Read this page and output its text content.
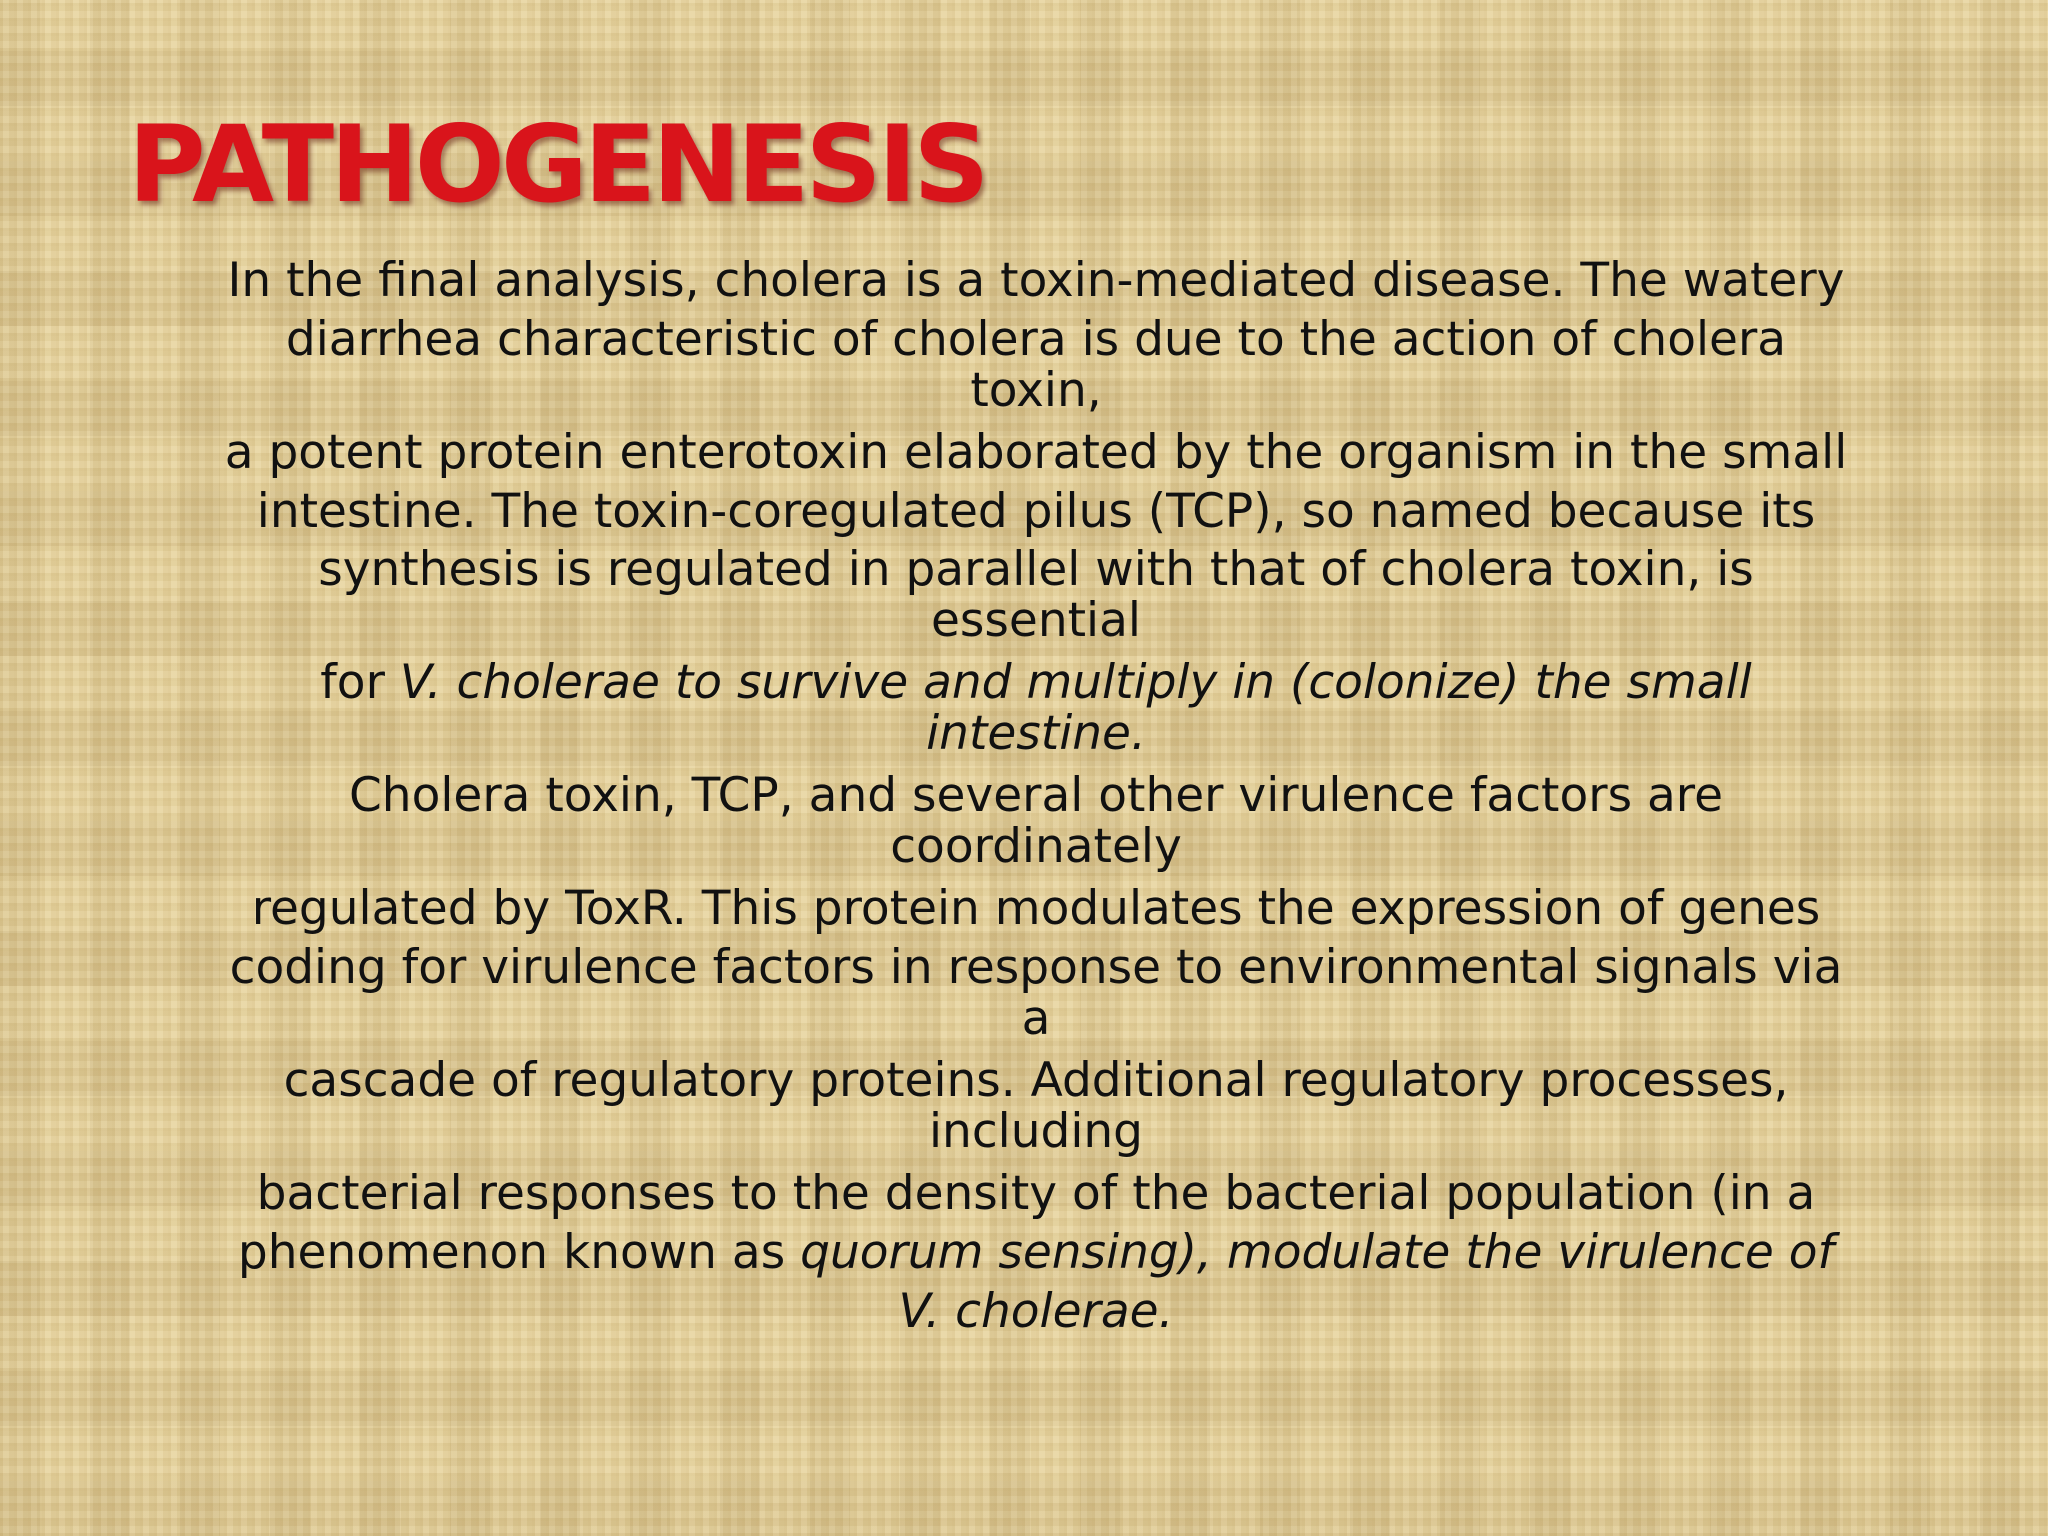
PATHOGENESIS
In the final analysis, cholera is a toxin-mediated disease. The watery
diarrhea characteristic of cholera is due to the action of cholera
toxin,
a potent protein enterotoxin elaborated by the organism in the small
intestine. The toxin-coregulated pilus (TCP), so named because its
synthesis is regulated in parallel with that of cholera toxin, is
essential
for V. cholerae to survive and multiply in (colonize) the small
intestine.
Cholera toxin, TCP, and several other virulence factors are
coordinately
regulated by ToxR. This protein modulates the expression of genes
coding for virulence factors in response to environmental signals via
a
cascade of regulatory proteins. Additional regulatory processes,
including
bacterial responses to the density of the bacterial population (in a
phenomenon known as quorum sensing), modulate the virulence of
V. cholerae.
